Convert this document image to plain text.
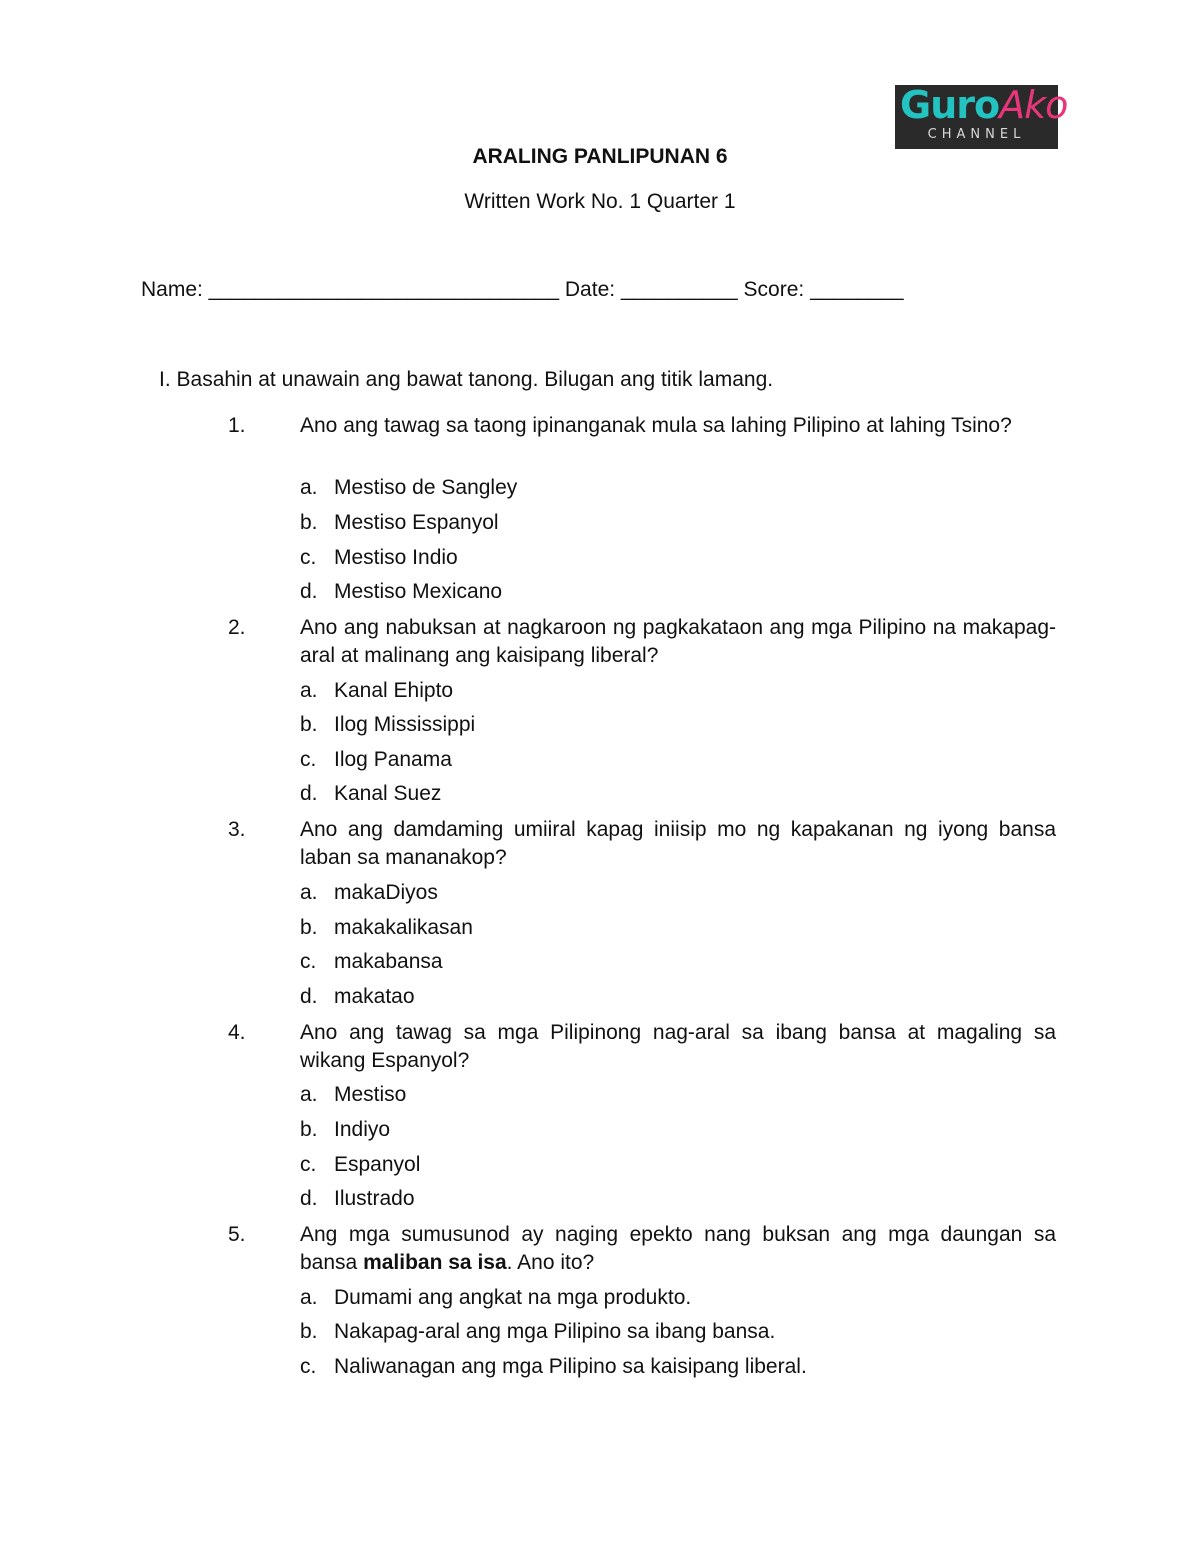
GuroAko
CHANNEL
ARALING PANLIPUNAN 6
Written Work No. 1 Quarter 1
Name: ______________________________ Date: __________ Score: ________
I. Basahin at unawain ang bawat tanong. Bilugan ang titik lamang.
1.	Ano ang tawag sa taong ipinanganak mula sa lahing Pilipino at lahing Tsino?
a. Mestiso de Sangley
b. Mestiso Espanyol
c. Mestiso Indio
d. Mestiso Mexicano
2.	Ano ang nabuksan at nagkaroon ng pagkakataon ang mga Pilipino na makapag-aral at malinang ang kaisipang liberal?
a. Kanal Ehipto
b. Ilog Mississippi
c. Ilog Panama
d. Kanal Suez
3.	Ano ang damdaming umiiral kapag iniisip mo ng kapakanan ng iyong bansa laban sa mananakop?
a. makaDiyos
b. makakalikasan
c. makabansa
d. makatao
4.	Ano ang tawag sa mga Pilipinong nag-aral sa ibang bansa at magaling sa wikang Espanyol?
a. Mestiso
b. Indiyo
c. Espanyol
d. Ilustrado
5.	Ang mga sumusunod ay naging epekto nang buksan ang mga daungan sa bansa maliban sa isa. Ano ito?
a. Dumami ang angkat na mga produkto.
b. Nakapag-aral ang mga Pilipino sa ibang bansa.
c. Naliwanagan ang mga Pilipino sa kaisipang liberal.
